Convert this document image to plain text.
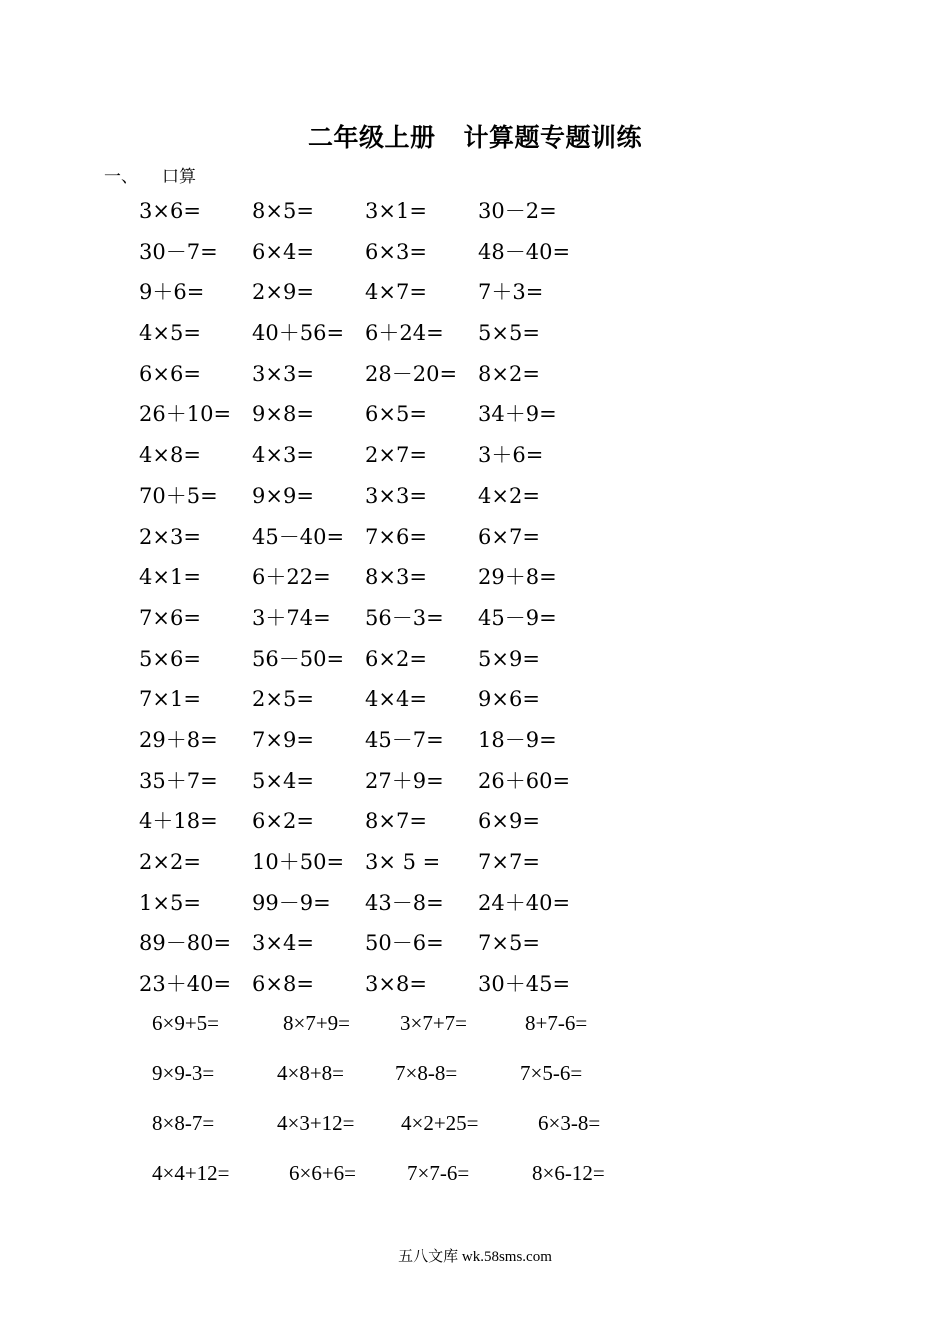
二年级上册 计算题专题训练
一、 口算
3×6=	8×5=	3×1=	30－2=
30－7=	6×4=	6×3=	48－40=
9＋6=	2×9=	4×7=	7＋3=
4×5=	40＋56= 6＋24=	5×5=
6×6=	3×3=	28－20= 8×2=
26＋10= 9×8=	6×5=	34＋9=
4×8=	4×3=	2×7=	3＋6=
70＋5=	9×9=	3×3=	4×2=
2×3=	45－40= 7×6=	6×7=
4×1=	6＋22=	8×3=	29＋8=
7×6=	3＋74=	56－3=	45－9=
5×6=	56－50= 6×2=	5×9=
7×1=	2×5=	4×4=	9×6=
29＋8=	7×9=	45－7=	18－9=
35＋7=	5×4=	27＋9=	26＋60=
4＋18=	6×2=	8×7=	6×9=
2×2=	10＋50= 3× 5 =	7×7=
1×5=	99－9=	43－8=	24＋40=
89－80= 3×4=	50－6=	7×5=
23＋40= 6×8=	3×8=	30＋45=
6×9+5=	8×7+9= 3×7+7=	8+7-6=
9×9-3=	4×8+8= 7×8-8=	7×5-6=
8×8-7=	4×3+12= 4×2+25=	6×3-8=
4×4+12=	6×6+6= 7×7-6=	8×6-12=
五八文库 wk.58sms.com
